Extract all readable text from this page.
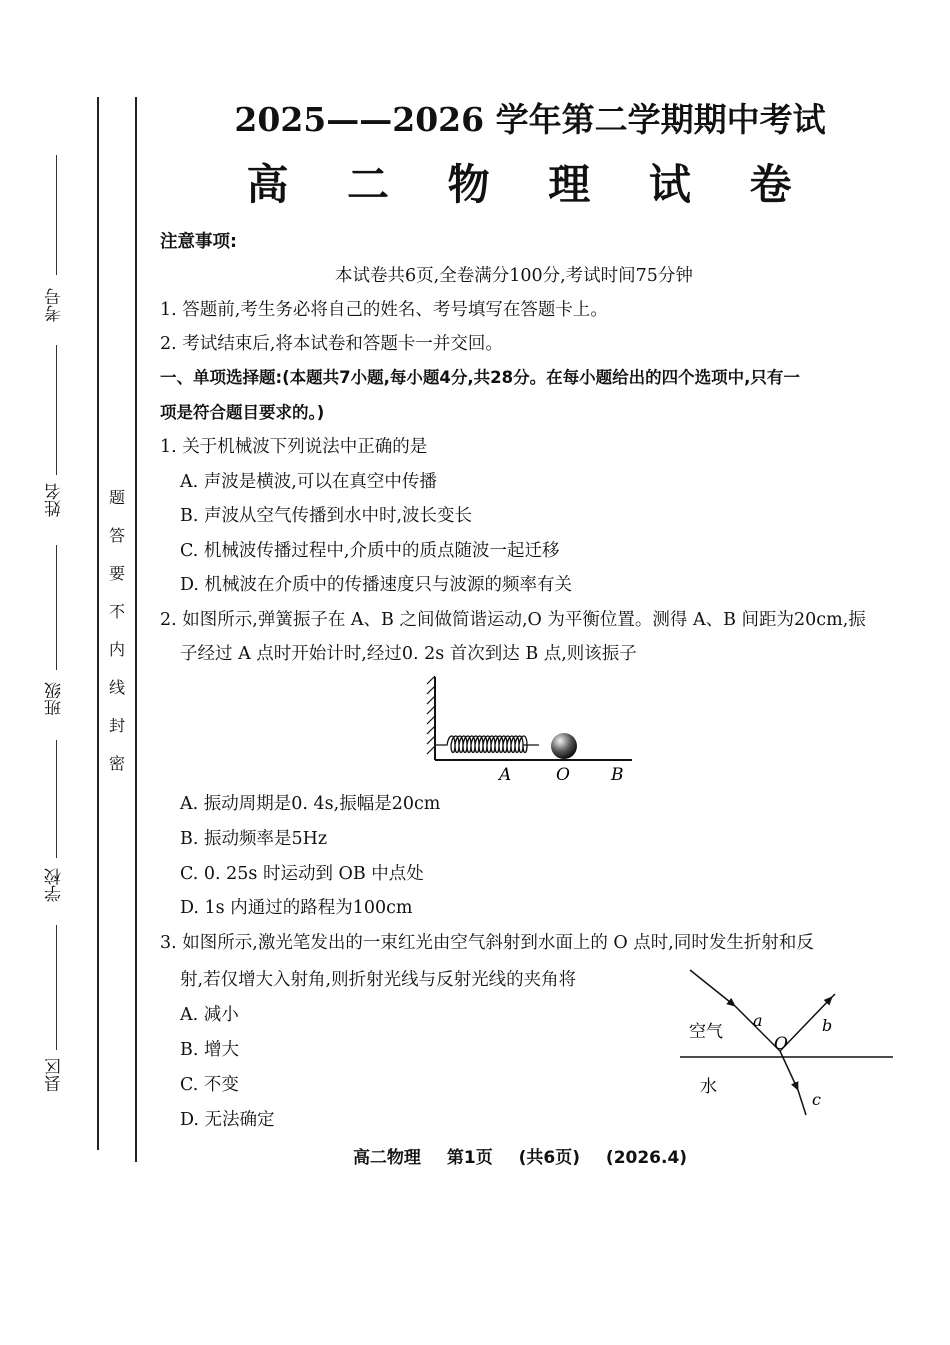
考号
姓名
班级
学校
县区
题
答
要
不
内
线
封
密
2025——2026 学年第二学期期中考试
高 二 物 理 试 卷
注意事项:
本试卷共6页,全卷满分100分,考试时间75分钟
1. 答题前,考生务必将自己的姓名、考号填写在答题卡上。
2. 考试结束后,将本试卷和答题卡一并交回。
一、单项选择题:(本题共7小题,每小题4分,共28分。在每小题给出的四个选项中,只有一
项是符合题目要求的。)
1. 关于机械波下列说法中正确的是
A. 声波是横波,可以在真空中传播
B. 声波从空气传播到水中时,波长变长
C. 机械波传播过程中,介质中的质点随波一起迁移
D. 机械波在介质中的传播速度只与波源的频率有关
2. 如图所示,弹簧振子在 A、B 之间做简谐运动,O 为平衡位置。测得 A、B 间距为20cm,振
子经过 A 点时开始计时,经过0. 2s 首次到达 B 点,则该振子
A	O B
A. 振动周期是0. 4s,振幅是20cm
B. 振动频率是5Hz
C. 0. 25s 时运动到 OB 中点处
D. 1s 内通过的路程为100cm
3. 如图所示,激光笔发出的一束红光由空气斜射到水面上的 O 点时,同时发生折射和反
射,若仅增大入射角,则折射光线与反射光线的夹角将
空气
水
a	b
c
O
A. 减小
B. 增大
C. 不变
D. 无法确定
高二物理 第1页 (共6页) (2026.4)
